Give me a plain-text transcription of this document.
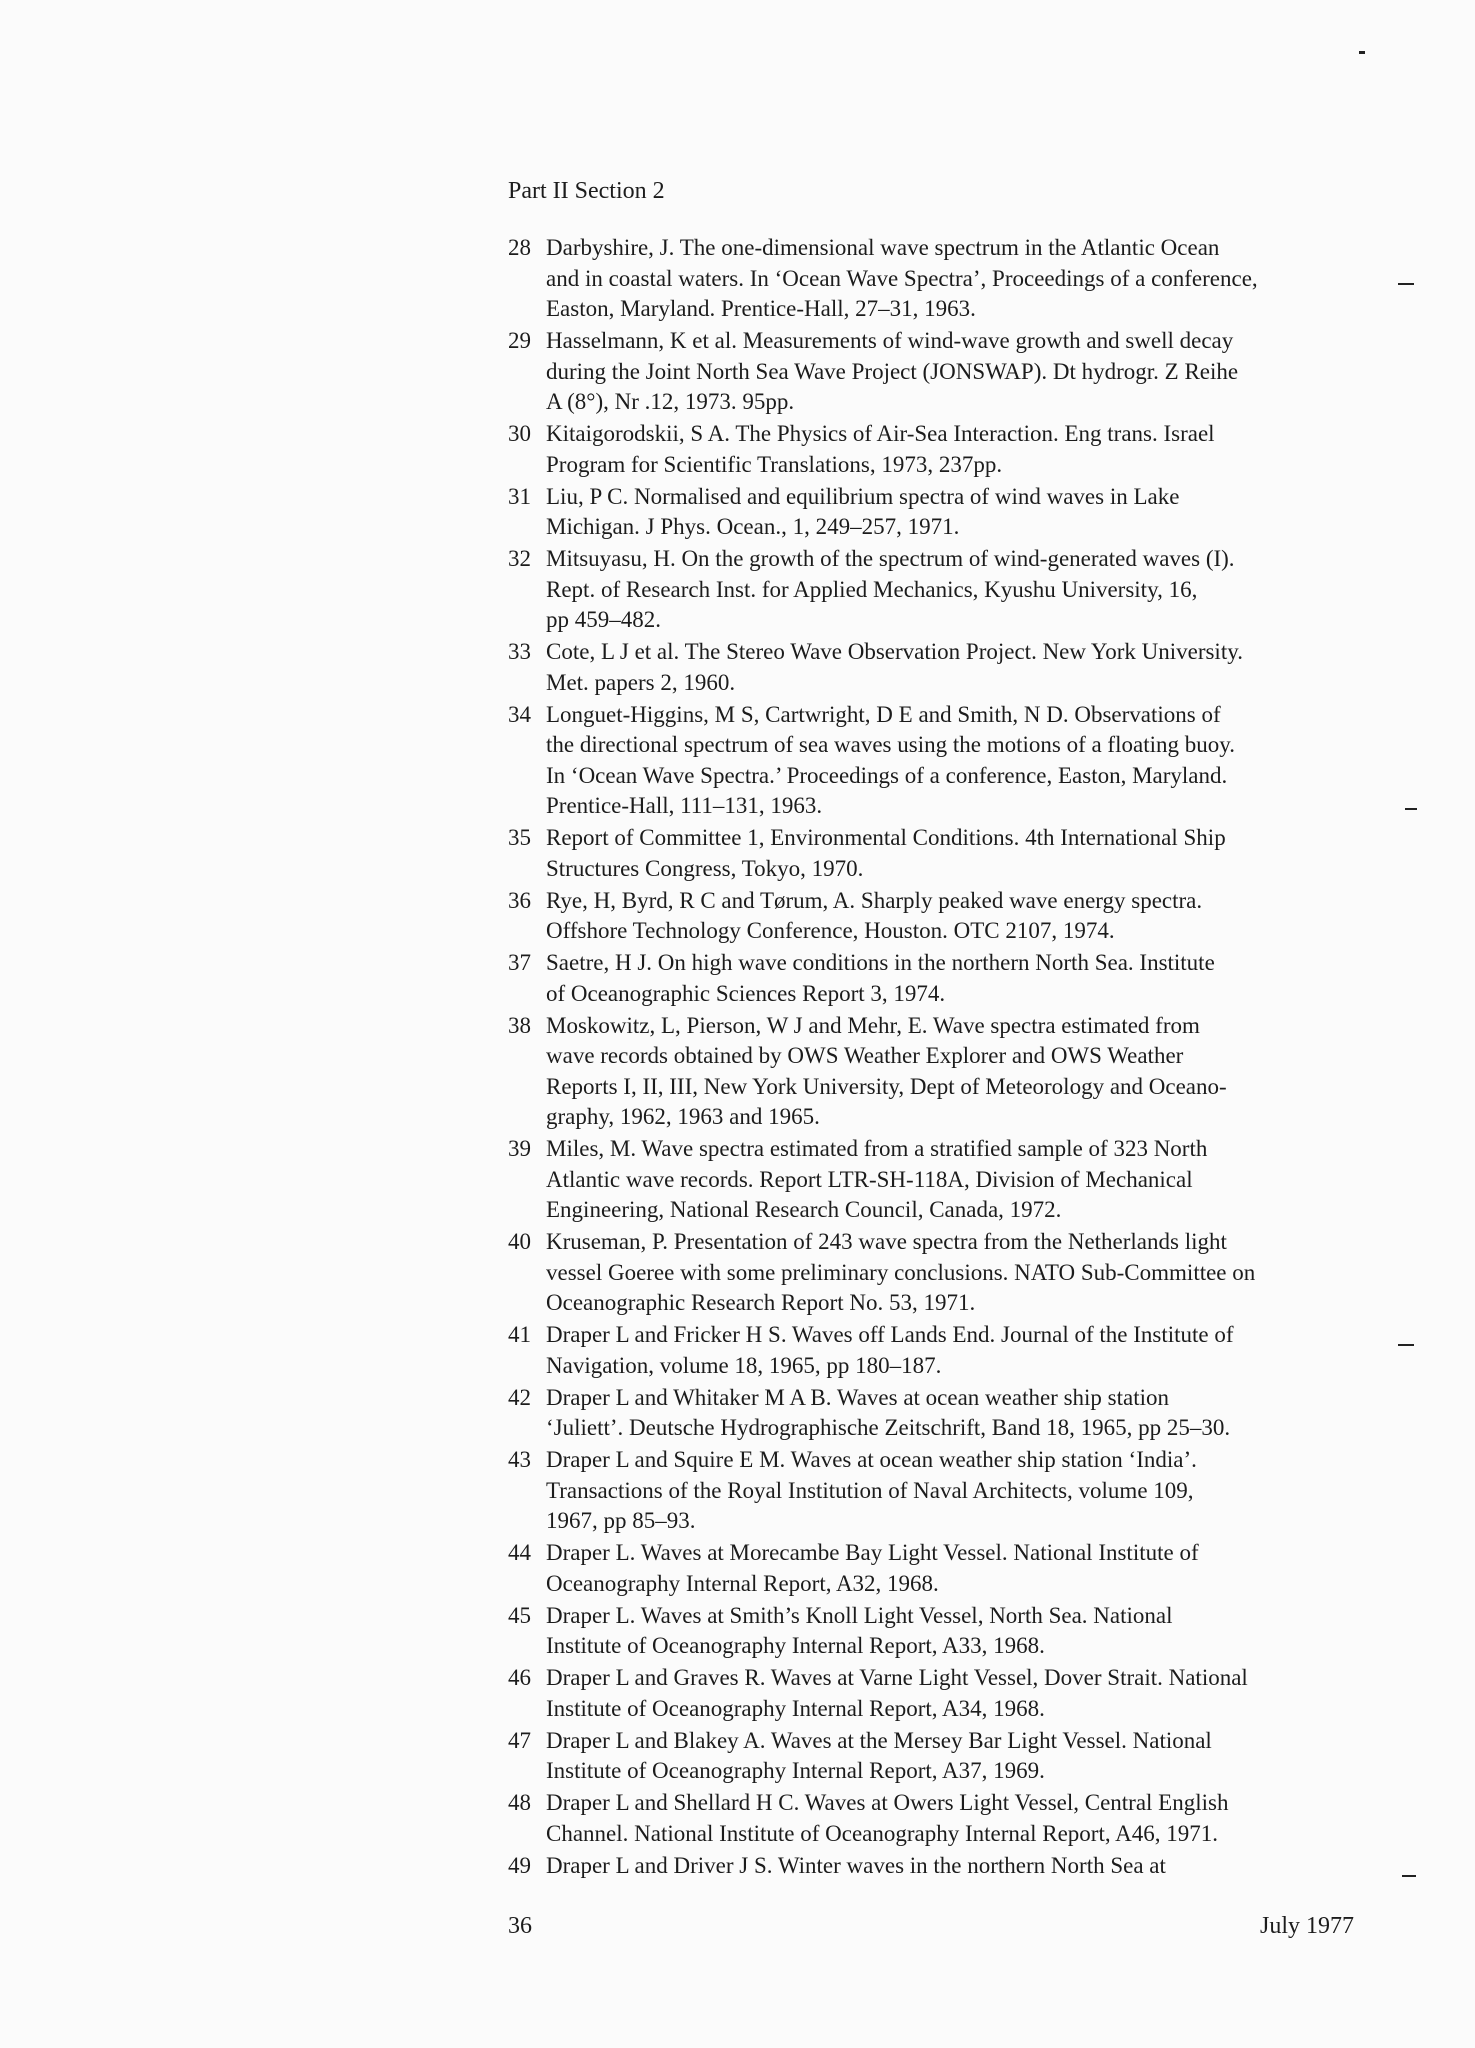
Part II Section 2
28 Darbyshire, J. The one-dimensional wave spectrum in the Atlantic Ocean
and in coastal waters. In ‘Ocean Wave Spectra’, Proceedings of a conference,
Easton, Maryland. Prentice-Hall, 27–31, 1963.
29 Hasselmann, K et al. Measurements of wind-wave growth and swell decay
during the Joint North Sea Wave Project (JONSWAP). Dt hydrogr. Z Reihe
A (8°), Nr .12, 1973. 95pp.
30 Kitaigorodskii, S A. The Physics of Air-Sea Interaction. Eng trans. Israel
Program for Scientific Translations, 1973, 237pp.
31 Liu, P C. Normalised and equilibrium spectra of wind waves in Lake
Michigan. J Phys. Ocean., 1, 249–257, 1971.
32 Mitsuyasu, H. On the growth of the spectrum of wind-generated waves (I).
Rept. of Research Inst. for Applied Mechanics, Kyushu University, 16,
pp 459–482.
33 Cote, L J et al. The Stereo Wave Observation Project. New York University.
Met. papers 2, 1960.
34 Longuet-Higgins, M S, Cartwright, D E and Smith, N D. Observations of
the directional spectrum of sea waves using the motions of a floating buoy.
In ‘Ocean Wave Spectra.’ Proceedings of a conference, Easton, Maryland.
Prentice-Hall, 111–131, 1963.
35 Report of Committee 1, Environmental Conditions. 4th International Ship
Structures Congress, Tokyo, 1970.
36 Rye, H, Byrd, R C and Tørum, A. Sharply peaked wave energy spectra.
Offshore Technology Conference, Houston. OTC 2107, 1974.
37 Saetre, H J. On high wave conditions in the northern North Sea. Institute
of Oceanographic Sciences Report 3, 1974.
38 Moskowitz, L, Pierson, W J and Mehr, E. Wave spectra estimated from
wave records obtained by OWS Weather Explorer and OWS Weather
Reports I, II, III, New York University, Dept of Meteorology and Oceano-
graphy, 1962, 1963 and 1965.
39 Miles, M. Wave spectra estimated from a stratified sample of 323 North
Atlantic wave records. Report LTR-SH-118A, Division of Mechanical
Engineering, National Research Council, Canada, 1972.
40 Kruseman, P. Presentation of 243 wave spectra from the Netherlands light
vessel Goeree with some preliminary conclusions. NATO Sub-Committee on
Oceanographic Research Report No. 53, 1971.
41 Draper L and Fricker H S. Waves off Lands End. Journal of the Institute of
Navigation, volume 18, 1965, pp 180–187.
42 Draper L and Whitaker M A B. Waves at ocean weather ship station
‘Juliett’. Deutsche Hydrographische Zeitschrift, Band 18, 1965, pp 25–30.
43 Draper L and Squire E M. Waves at ocean weather ship station ‘India’.
Transactions of the Royal Institution of Naval Architects, volume 109,
1967, pp 85–93.
44 Draper L. Waves at Morecambe Bay Light Vessel. National Institute of
Oceanography Internal Report, A32, 1968.
45 Draper L. Waves at Smith’s Knoll Light Vessel, North Sea. National
Institute of Oceanography Internal Report, A33, 1968.
46 Draper L and Graves R. Waves at Varne Light Vessel, Dover Strait. National
Institute of Oceanography Internal Report, A34, 1968.
47 Draper L and Blakey A. Waves at the Mersey Bar Light Vessel. National
Institute of Oceanography Internal Report, A37, 1969.
48 Draper L and Shellard H C. Waves at Owers Light Vessel, Central English
Channel. National Institute of Oceanography Internal Report, A46, 1971.
49 Draper L and Driver J S. Winter waves in the northern North Sea at
36	July 1977
